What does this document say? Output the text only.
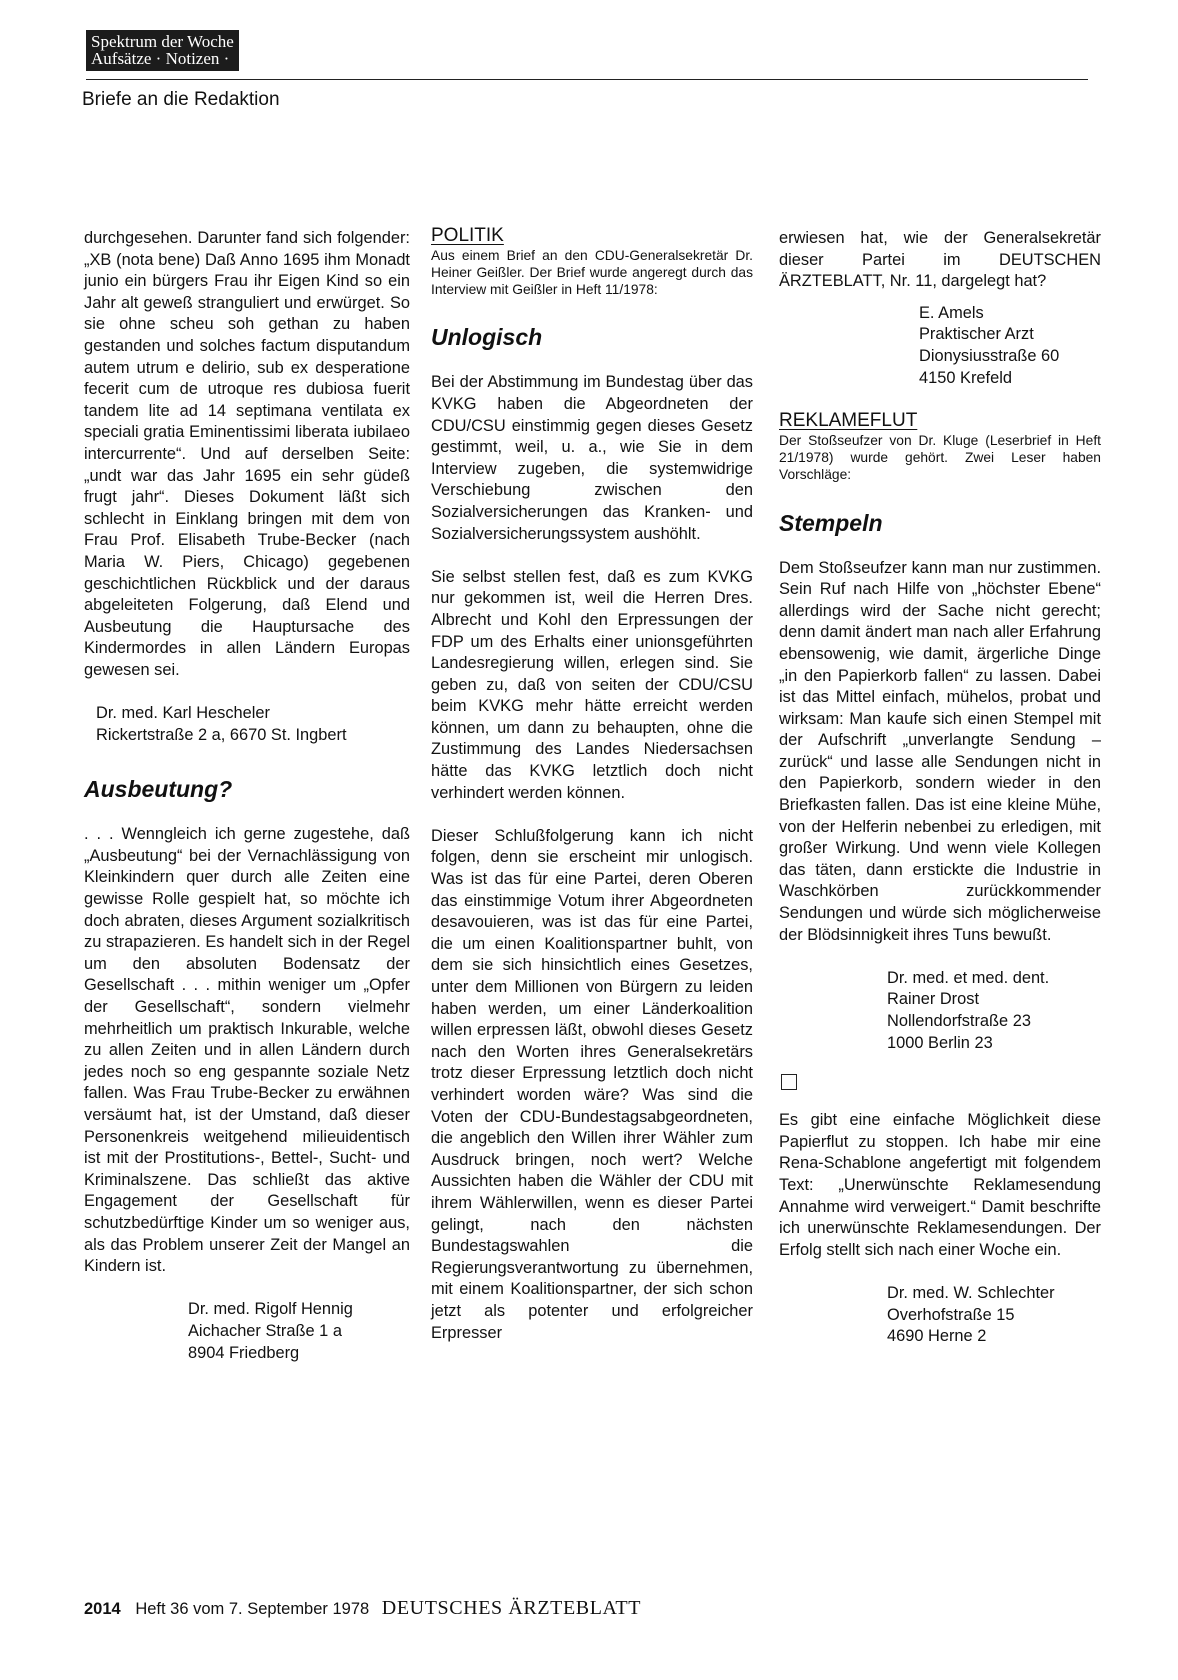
Spektrum der Woche
Aufsätze · Notizen ·
Briefe an die Redaktion

durchgesehen. Darunter fand sich folgender: „XB (nota bene) Daß Anno 1695 ihm Monadt junio ein bürgers Frau ihr Eigen Kind so ein Jahr alt geweß stranguliert und erwürget. So sie ohne scheu soh gethan zu haben gestanden und solches factum disputandum autem utrum e delirio, sub ex desperatione fecerit cum de utroque res dubiosa fuerit tandem lite ad 14 septimana ventilata ex speciali gratia Eminentissimi liberata iubilaeo intercurrente“. Und auf derselben Seite: „undt war das Jahr 1695 ein sehr güdeß frugt jahr“. Dieses Dokument läßt sich schlecht in Einklang bringen mit dem von Frau Prof. Elisabeth Trube-Becker (nach Maria W. Piers, Chicago) gegebenen geschichtlichen Rückblick und der daraus abgeleiteten Folgerung, daß Elend und Ausbeutung die Hauptursache des Kindermordes in allen Ländern Europas gewesen sei.

Dr. med. Karl Hescheler
Rickertstraße 2 a, 6670 St. Ingbert
Ausbeutung?

. . . Wenngleich ich gerne zugestehe, daß „Ausbeutung“ bei der Vernachlässigung von Kleinkindern quer durch alle Zeiten eine gewisse Rolle gespielt hat, so möchte ich doch abraten, dieses Argument sozialkritisch zu strapazieren. Es handelt sich in der Regel um den absoluten Bodensatz der Gesellschaft . . . mithin weniger um „Opfer der Gesellschaft“, sondern vielmehr mehrheitlich um praktisch Inkurable, welche zu allen Zeiten und in allen Ländern durch jedes noch so eng gespannte soziale Netz fallen. Was Frau Trube-Becker zu erwähnen versäumt hat, ist der Umstand, daß dieser Personenkreis weitgehend milieuidentisch ist mit der Prostitutions-, Bettel-, Sucht- und Kriminalszene. Das schließt das aktive Engagement der Gesellschaft für schutzbedürftige Kinder um so weniger aus, als das Problem unserer Zeit der Mangel an Kindern ist.

Dr. med. Rigolf Hennig
Aichacher Straße 1 a
8904 Friedberg
POLITIK

Aus einem Brief an den CDU-Generalsekretär Dr. Heiner Geißler. Der Brief wurde angeregt durch das Interview mit Geißler in Heft 11/1978:

Unlogisch

Bei der Abstimmung im Bundestag über das KVKG haben die Abgeordneten der CDU/CSU einstimmig gegen dieses Gesetz gestimmt, weil, u. a., wie Sie in dem Interview zugeben, die systemwidrige Verschiebung zwischen den Sozialversicherungen das Kranken- und Sozialversicherungssystem aushöhlt.

Sie selbst stellen fest, daß es zum KVKG nur gekommen ist, weil die Herren Dres. Albrecht und Kohl den Erpressungen der FDP um des Erhalts einer unionsgeführten Landesregierung willen, erlegen sind. Sie geben zu, daß von seiten der CDU/CSU beim KVKG mehr hätte erreicht werden können, um dann zu behaupten, ohne die Zustimmung des Landes Niedersachsen hätte das KVKG letztlich doch nicht verhindert werden können.

Dieser Schlußfolgerung kann ich nicht folgen, denn sie erscheint mir unlogisch. Was ist das für eine Partei, deren Oberen das einstimmige Votum ihrer Abgeordneten desavouieren, was ist das für eine Partei, die um einen Koalitionspartner buhlt, von dem sie sich hinsichtlich eines Gesetzes, unter dem Millionen von Bürgern zu leiden haben werden, um einer Länderkoalition willen erpressen läßt, obwohl dieses Gesetz nach den Worten ihres Generalsekretärs trotz dieser Erpressung letztlich doch nicht verhindert worden wäre? Was sind die Voten der CDU-Bundestagsabgeordneten, die angeblich den Willen ihrer Wähler zum Ausdruck bringen, noch wert? Welche Aussichten haben die Wähler der CDU mit ihrem Wählerwillen, wenn es dieser Partei gelingt, nach den nächsten Bundestagswahlen die Regierungsverantwortung zu übernehmen, mit einem Koalitionspartner, der sich schon jetzt als potenter und erfolgreicher Erpresser

erwiesen hat, wie der Generalsekretär dieser Partei im DEUTSCHEN ÄRZTEBLATT, Nr. 11, dargelegt hat?

E. Amels
Praktischer Arzt
Dionysiusstraße 60
4150 Krefeld
REKLAMEFLUT

Der Stoßseufzer von Dr. Kluge (Leserbrief in Heft 21/1978) wurde gehört. Zwei Leser haben Vorschläge:

Stempeln

Dem Stoßseufzer kann man nur zustimmen. Sein Ruf nach Hilfe von „höchster Ebene“ allerdings wird der Sache nicht gerecht; denn damit ändert man nach aller Erfahrung ebensowenig, wie damit, ärgerliche Dinge „in den Papierkorb fallen“ zu lassen. Dabei ist das Mittel einfach, mühelos, probat und wirksam: Man kaufe sich einen Stempel mit der Aufschrift „unverlangte Sendung – zurück“ und lasse alle Sendungen nicht in den Papierkorb, sondern wieder in den Briefkasten fallen. Das ist eine kleine Mühe, von der Helferin nebenbei zu erledigen, mit großer Wirkung. Und wenn viele Kollegen das täten, dann erstickte die Industrie in Waschkörben zurückkommender Sendungen und würde sich möglicherweise der Blödsinnigkeit ihres Tuns bewußt.

Dr. med. et med. dent.
Rainer Drost
Nollendorfstraße 23
1000 Berlin 23

Es gibt eine einfache Möglichkeit diese Papierflut zu stoppen. Ich habe mir eine Rena-Schablone angefertigt mit folgendem Text: „Unerwünschte Reklamesendung Annahme wird verweigert.“ Damit beschrifte ich unerwünschte Reklamesendungen. Der Erfolg stellt sich nach einer Woche ein.

Dr. med. W. Schlechter
Overhofstraße 15
4690 Herne 2
2014 Heft 36 vom 7. September 1978 DEUTSCHES ÄRZTEBLATT
